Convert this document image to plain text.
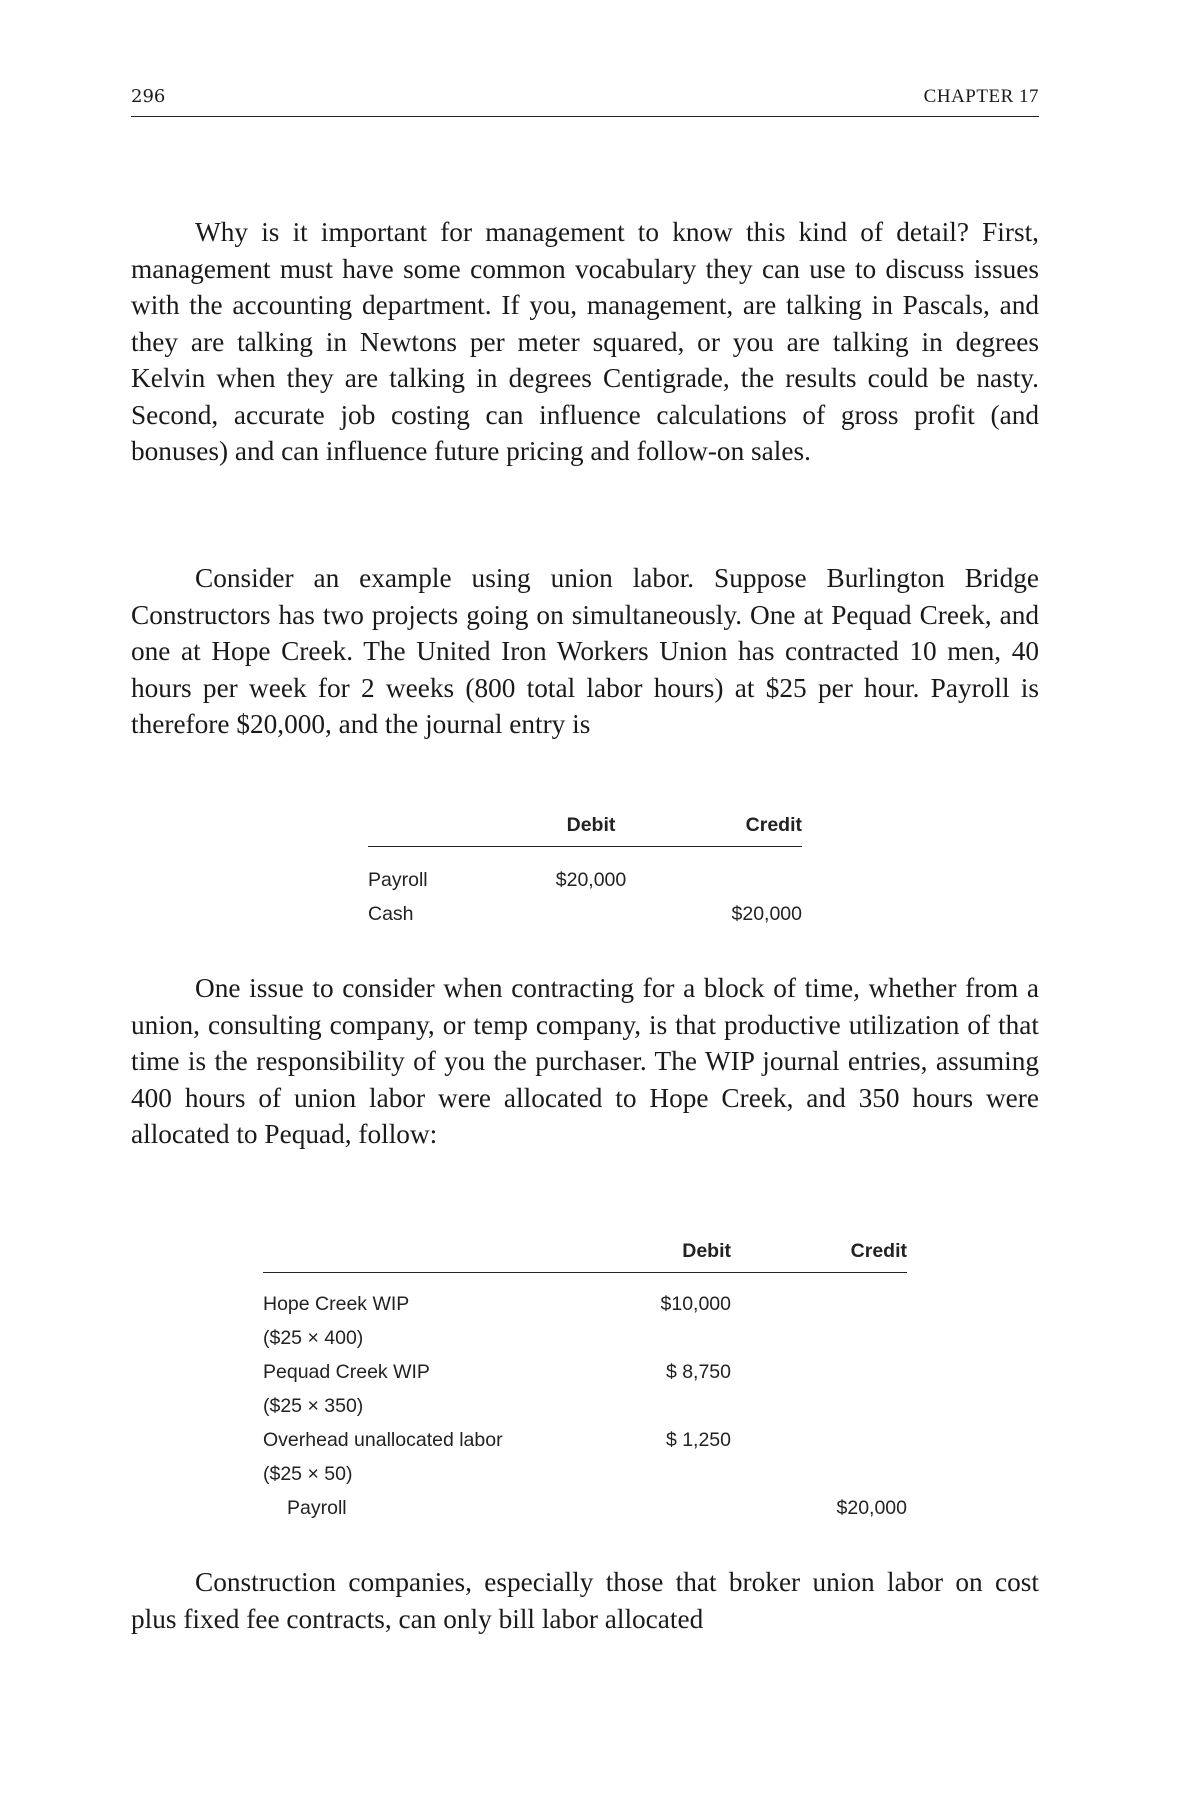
296	CHAPTER 17

Why is it important for management to know this kind of detail? First, management must have some common vocabulary they can use to discuss issues with the accounting department. If you, management, are talking in Pascals, and they are talking in Newtons per meter squared, or you are talking in degrees Kelvin when they are talking in degrees Centigrade, the results could be nasty. Second, accurate job costing can influence calculations of gross profit (and bonuses) and can influence future pricing and follow-on sales.

Consider an example using union labor. Suppose Burlington Bridge Constructors has two projects going on simultaneously. One at Pequad Creek, and one at Hope Creek. The United Iron Workers Union has contracted 10 men, 40 hours per week for 2 weeks (800 total labor hours) at $25 per hour. Payroll is therefore $20,000, and the journal entry is

	Debit	Credit
Payroll	$20,000	
Cash		$20,000

One issue to consider when contracting for a block of time, whether from a union, consulting company, or temp company, is that productive utilization of that time is the responsibility of you the purchaser. The WIP journal entries, assuming 400 hours of union labor were allocated to Hope Creek, and 350 hours were allocated to Pequad, follow:

	Debit	Credit
Hope Creek WIP	$10,000	
($25 × 400)		
Pequad Creek WIP	$ 8,750	
($25 × 350)		
Overhead unallocated labor	$ 1,250	
($25 × 50)		
Payroll		$20,000

Construction companies, especially those that broker union labor on cost plus fixed fee contracts, can only bill labor allocated
